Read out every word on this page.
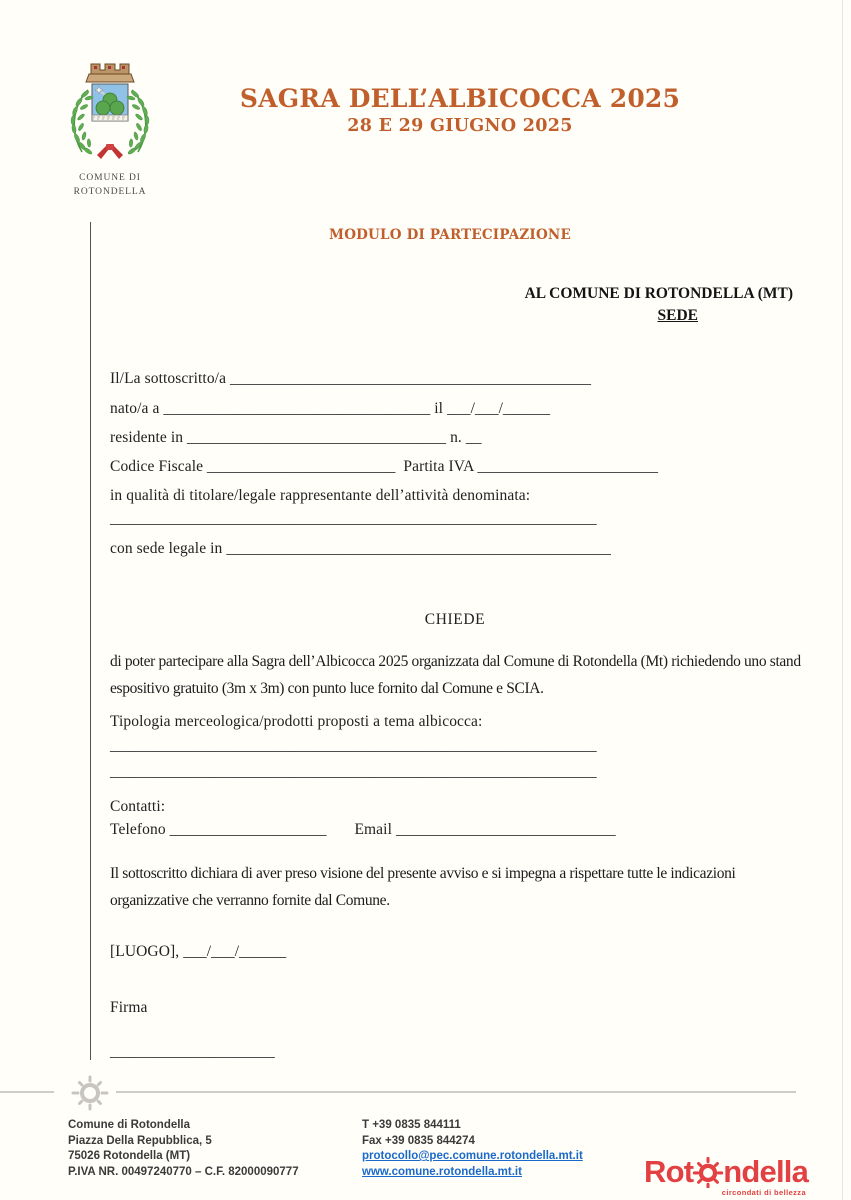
COMUNE DI
ROTONDELLA
SAGRA DELL’ALBICOCCA 2025
28 E 29 GIUGNO 2025
MODULO DI PARTECIPAZIONE
AL COMUNE DI ROTONDELLA (MT)
SEDE
Il/La sottoscritto/a ______________________________________________
nato/a a __________________________________ il ___/___/______
residente in _________________________________ n. __
Codice Fiscale ________________________  Partita IVA _______________________
in qualità di titolare/legale rappresentante dell’attività denominata:
______________________________________________________________
con sede legale in _________________________________________________
CHIEDE
di poter partecipare alla Sagra dell’Albicocca 2025 organizzata dal Comune di Rotondella (Mt) richiedendo uno stand espositivo gratuito (3m x 3m) con punto luce fornito dal Comune e SCIA.
Tipologia merceologica/prodotti proposti a tema albicocca:
______________________________________________________________
______________________________________________________________
Contatti:
Telefono ____________________       Email ____________________________
Il sottoscritto dichiara di aver preso visione del presente avviso e si impegna a rispettare tutte le indicazioni organizzative che verranno fornite dal Comune.
[LUOGO], ___/___/______
Firma
_____________________
Comune di Rotondella
Piazza Della Repubblica, 5
75026 Rotondella (MT)
P.IVA NR. 00497240770 – C.F. 82000090777
T +39 0835 844111
Fax +39 0835 844274
protocollo@pec.comune.rotondella.mt.it
www.comune.rotondella.mt.it	Rot ndella
circondati di bellezza
